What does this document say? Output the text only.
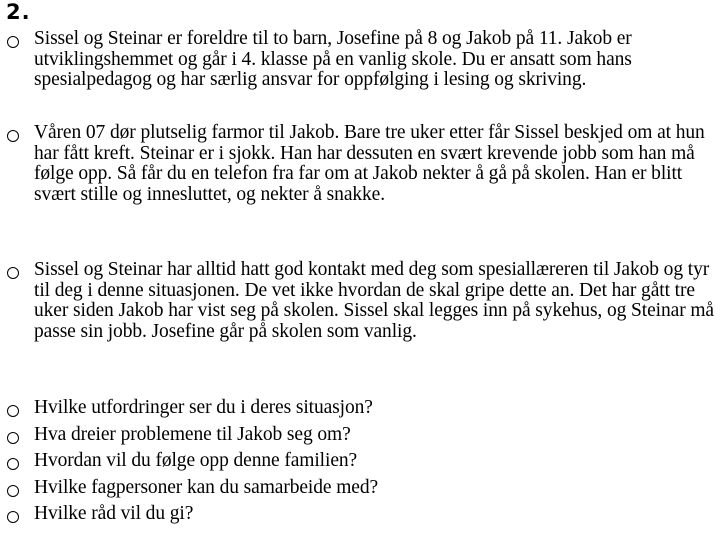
2.
Sissel og Steinar er foreldre til to barn, Josefine på 8 og Jakob på 11. Jakob er utviklingshemmet og går i 4. klasse på en vanlig skole. Du er ansatt som hans spesialpedagog og har særlig ansvar for oppfølging i lesing og skriving.
Våren 07 dør plutselig farmor til Jakob. Bare tre uker etter får Sissel beskjed om at hun har fått kreft. Steinar er i sjokk. Han har dessuten en svært krevende jobb som han må følge opp. Så får du en telefon fra far om at Jakob nekter å gå på skolen. Han er blitt svært stille og innesluttet, og nekter å snakke.
Sissel og Steinar har alltid hatt god kontakt med deg som spesiallæreren til Jakob og tyr til deg i denne situasjonen. De vet ikke hvordan de skal gripe dette an. Det har gått tre uker siden Jakob har vist seg på skolen. Sissel skal legges inn på sykehus, og Steinar må passe sin jobb. Josefine går på skolen som vanlig.
Hvilke utfordringer ser du i deres situasjon?
Hva dreier problemene til Jakob seg om?
Hvordan vil du følge opp denne familien?
Hvilke fagpersoner kan du samarbeide med?
Hvilke råd vil du gi?
